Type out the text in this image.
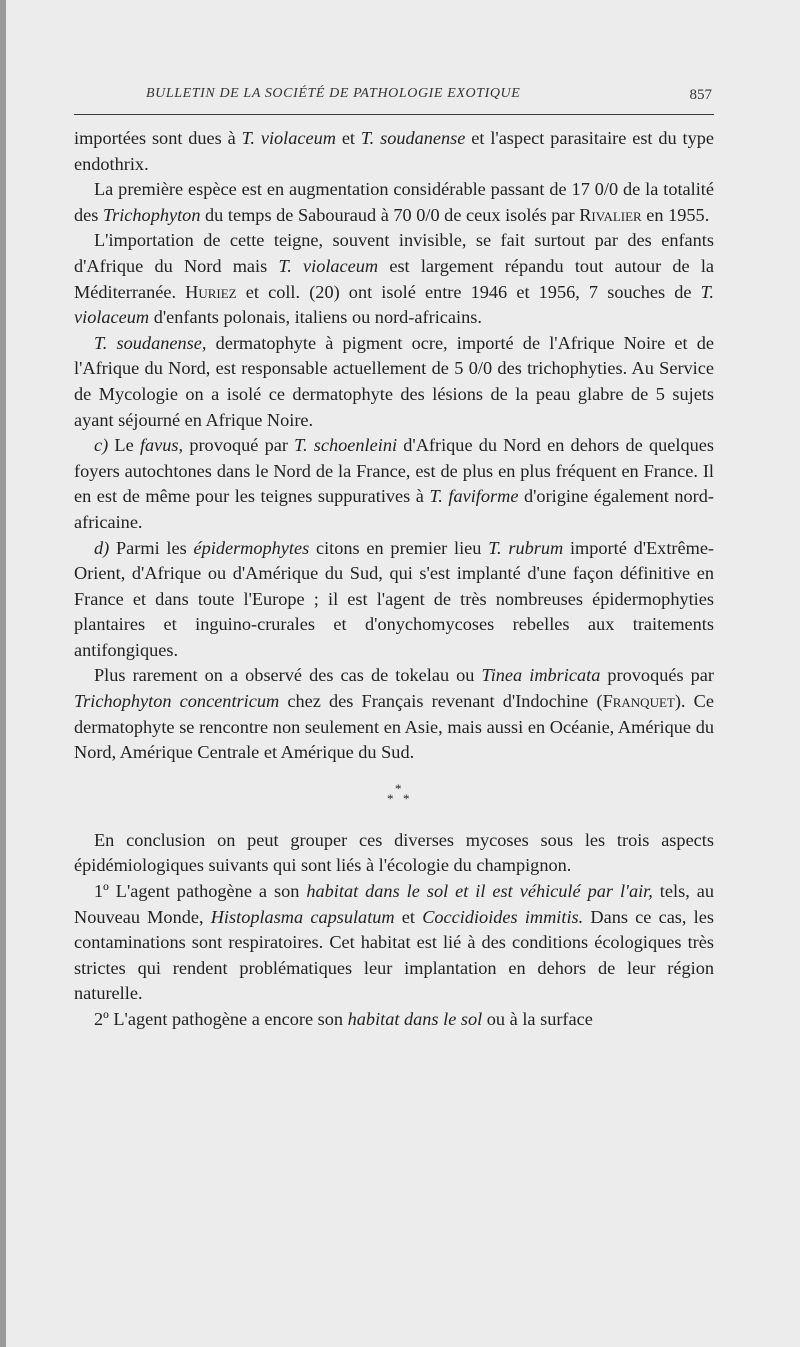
BULLETIN DE LA SOCIÉTÉ DE PATHOLOGIE EXOTIQUE	857

importées sont dues à T. violaceum et T. soudanense et l'aspect parasitaire est du type endothrix.

La première espèce est en augmentation considérable passant de 17 0/0 de la totalité des Trichophyton du temps de Sabouraud à 70 0/0 de ceux isolés par Rivalier en 1955.

L'importation de cette teigne, souvent invisible, se fait surtout par des enfants d'Afrique du Nord mais T. violaceum est largement répandu tout autour de la Méditerranée. Huriez et coll. (20) ont isolé entre 1946 et 1956, 7 souches de T. violaceum d'enfants polonais, italiens ou nord-africains.

T. soudanense, dermatophyte à pigment ocre, importé de l'Afrique Noire et de l'Afrique du Nord, est responsable actuellement de 5 0/0 des trichophyties. Au Service de Mycologie on a isolé ce dermatophyte des lésions de la peau glabre de 5 sujets ayant séjourné en Afrique Noire.

c) Le favus, provoqué par T. schoenleini d'Afrique du Nord en dehors de quelques foyers autochtones dans le Nord de la France, est de plus en plus fréquent en France. Il en est de même pour les teignes suppuratives à T. faviforme d'origine également nord-africaine.

d) Parmi les épidermophytes citons en premier lieu T. rubrum importé d'Extrême-Orient, d'Afrique ou d'Amérique du Sud, qui s'est implanté d'une façon définitive en France et dans toute l'Europe ; il est l'agent de très nombreuses épidermophyties plantaires et inguino-crurales et d'onychomycoses rebelles aux traitements antifongiques.

Plus rarement on a observé des cas de tokelau ou Tinea imbricata provoqués par Trichophyton concentricum chez des Français revenant d'Indochine (Franquet). Ce dermatophyte se rencontre non seulement en Asie, mais aussi en Océanie, Amérique du Nord, Amérique Centrale et Amérique du Sud.

*
* *

En conclusion on peut grouper ces diverses mycoses sous les trois aspects épidémiologiques suivants qui sont liés à l'écologie du champignon.

1º L'agent pathogène a son habitat dans le sol et il est véhiculé par l'air, tels, au Nouveau Monde, Histoplasma capsulatum et Coccidioides immitis. Dans ce cas, les contaminations sont respiratoires. Cet habitat est lié à des conditions écologiques très strictes qui rendent problématiques leur implantation en dehors de leur région naturelle.

2º L'agent pathogène a encore son habitat dans le sol ou à la surface
